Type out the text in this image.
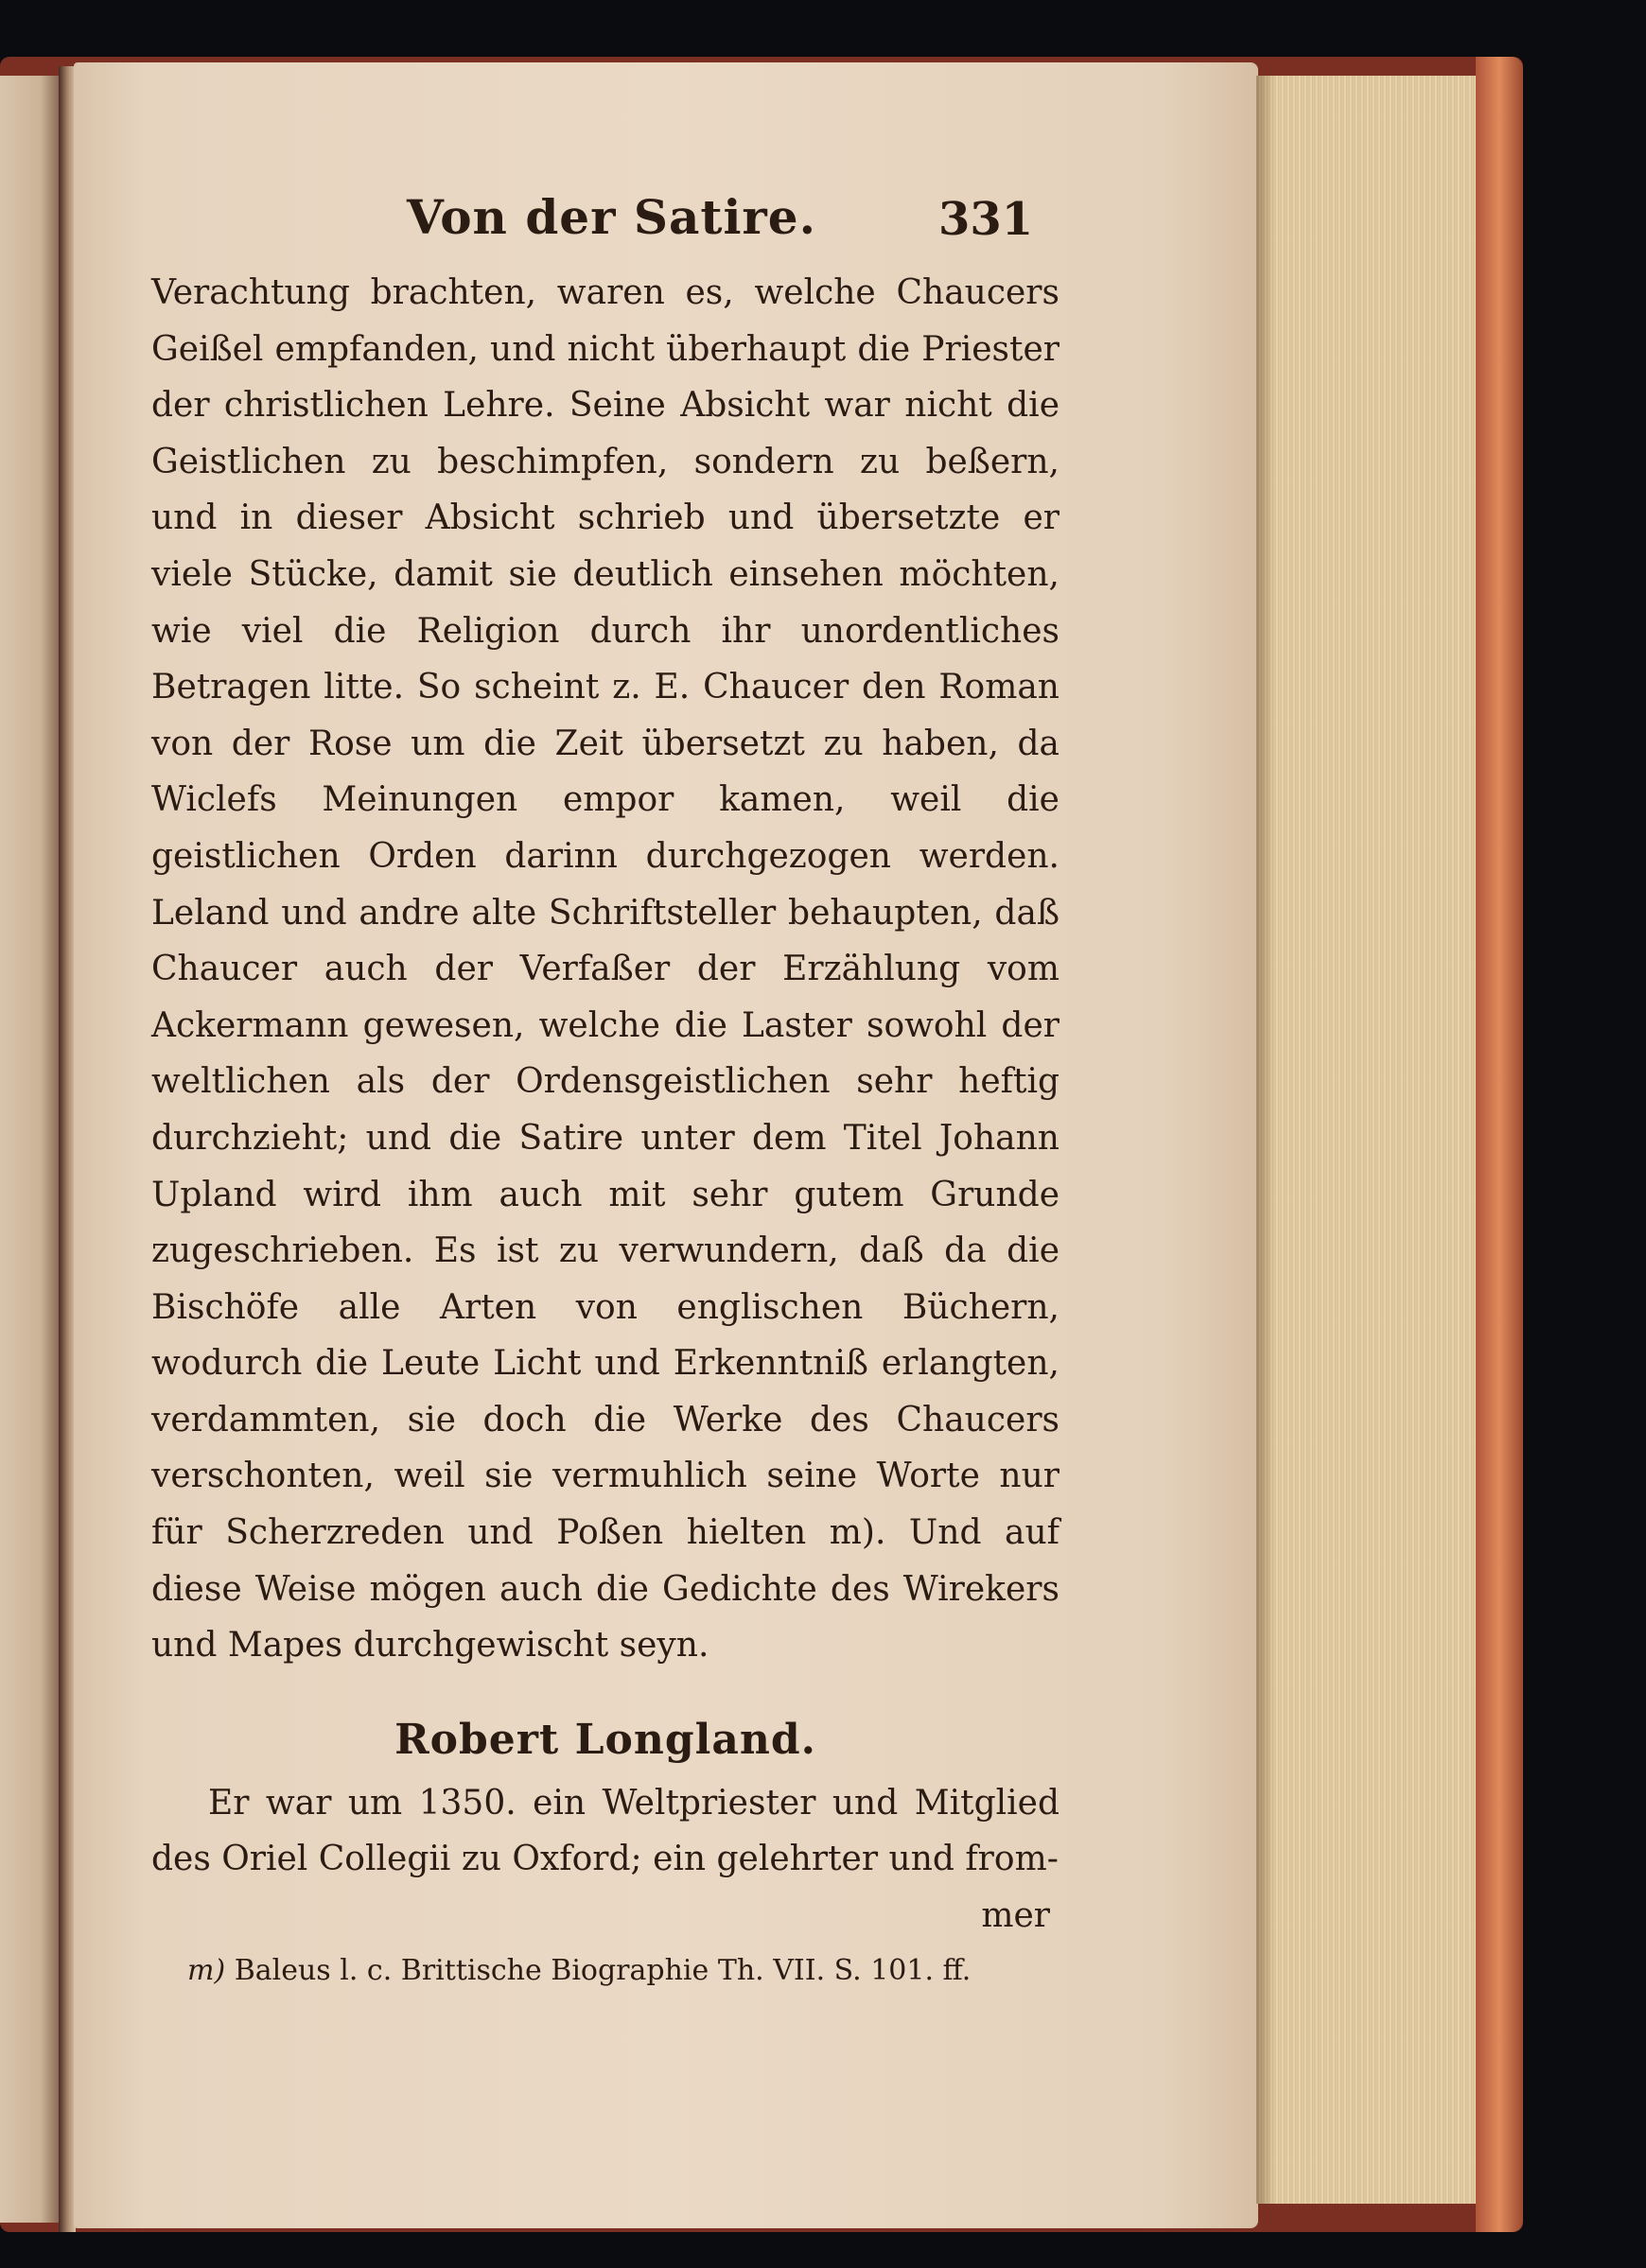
Von der Satire.	331

Verachtung brachten, waren es, welche Chaucers Geißel empfanden, und nicht überhaupt die Priester der christlichen Lehre. Seine Absicht war nicht die Geistlichen zu beschimpfen, sondern zu beßern, und in dieser Absicht schrieb und übersetzte er viele Stücke, damit sie deutlich einsehen möchten, wie viel die Religion durch ihr unordentliches Betragen litte. So scheint z. E. Chaucer den Roman von der Rose um die Zeit übersetzt zu haben, da Wiclefs Meinungen empor kamen, weil die geistlichen Orden darinn durchgezogen werden. Leland und andre alte Schriftsteller behaupten, daß Chaucer auch der Verfaßer der Erzählung vom Ackermann gewesen, welche die Laster sowohl der weltlichen als der Ordensgeistlichen sehr heftig durchzieht; und die Satire unter dem Titel Johann Upland wird ihm auch mit sehr gutem Grunde zugeschrieben. Es ist zu verwundern, daß da die Bischöfe alle Arten von englischen Büchern, wodurch die Leute Licht und Erkenntniß erlangten, verdammten, sie doch die Werke des Chaucers verschonten, weil sie vermuhlich seine Worte nur für Scherzreden und Poßen hielten m). Und auf diese Weise mögen auch die Gedichte des Wirekers und Mapes durchgewischt seyn.

Robert Longland.

Er war um 1350. ein Weltpriester und Mitglied des Oriel Collegii zu Oxford; ein gelehrter und from-

mer
m) Baleus l. c. Brittische Biographie Th. VII. S. 101. ff.
